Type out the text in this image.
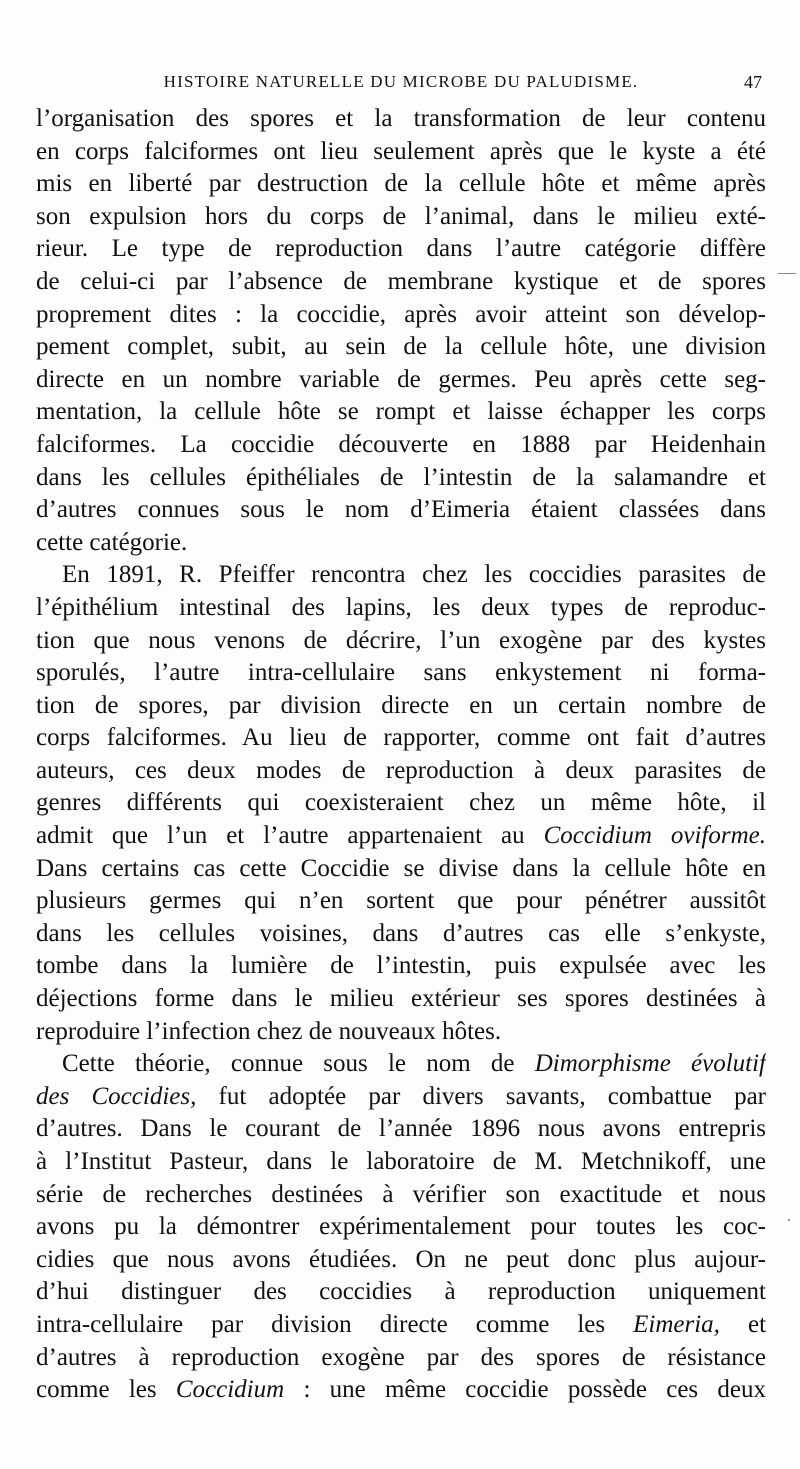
HISTOIRE NATURELLE DU MICROBE DU PALUDISME.	47
—
·
l’organisation des spores et la transformation de leur contenu
en corps falciformes ont lieu seulement après que le kyste a été
mis en liberté par destruction de la cellule hôte et même après
son expulsion hors du corps de l’animal, dans le milieu exté-
rieur. Le type de reproduction dans l’autre catégorie diffère
de celui-ci par l’absence de membrane kystique et de spores
proprement dites : la coccidie, après avoir atteint son dévelop-
pement complet, subit, au sein de la cellule hôte, une division
directe en un nombre variable de germes. Peu après cette seg-
mentation, la cellule hôte se rompt et laisse échapper les corps
falciformes. La coccidie découverte en 1888 par Heidenhain
dans les cellules épithéliales de l’intestin de la salamandre et
d’autres connues sous le nom d’Eimeria étaient classées dans
cette catégorie.
En 1891, R. Pfeiffer rencontra chez les coccidies parasites de
l’épithélium intestinal des lapins, les deux types de reproduc-
tion que nous venons de décrire, l’un exogène par des kystes
sporulés, l’autre intra-cellulaire sans enkystement ni forma-
tion de spores, par division directe en un certain nombre de
corps falciformes. Au lieu de rapporter, comme ont fait d’autres
auteurs, ces deux modes de reproduction à deux parasites de
genres différents qui coexisteraient chez un même hôte, il
admit que l’un et l’autre appartenaient au Coccidium oviforme.
Dans certains cas cette Coccidie se divise dans la cellule hôte en
plusieurs germes qui n’en sortent que pour pénétrer aussitôt
dans les cellules voisines, dans d’autres cas elle s’enkyste,
tombe dans la lumière de l’intestin, puis expulsée avec les
déjections forme dans le milieu extérieur ses spores destinées à
reproduire l’infection chez de nouveaux hôtes.
Cette théorie, connue sous le nom de Dimorphisme évolutif
des Coccidies, fut adoptée par divers savants, combattue par
d’autres. Dans le courant de l’année 1896 nous avons entrepris
à l’Institut Pasteur, dans le laboratoire de M. Metchnikoff, une
série de recherches destinées à vérifier son exactitude et nous
avons pu la démontrer expérimentalement pour toutes les coc-
cidies que nous avons étudiées. On ne peut donc plus aujour-
d’hui distinguer des coccidies à reproduction uniquement
intra-cellulaire par division directe comme les Eimeria, et
d’autres à reproduction exogène par des spores de résistance
comme les Coccidium : une même coccidie possède ces deux
